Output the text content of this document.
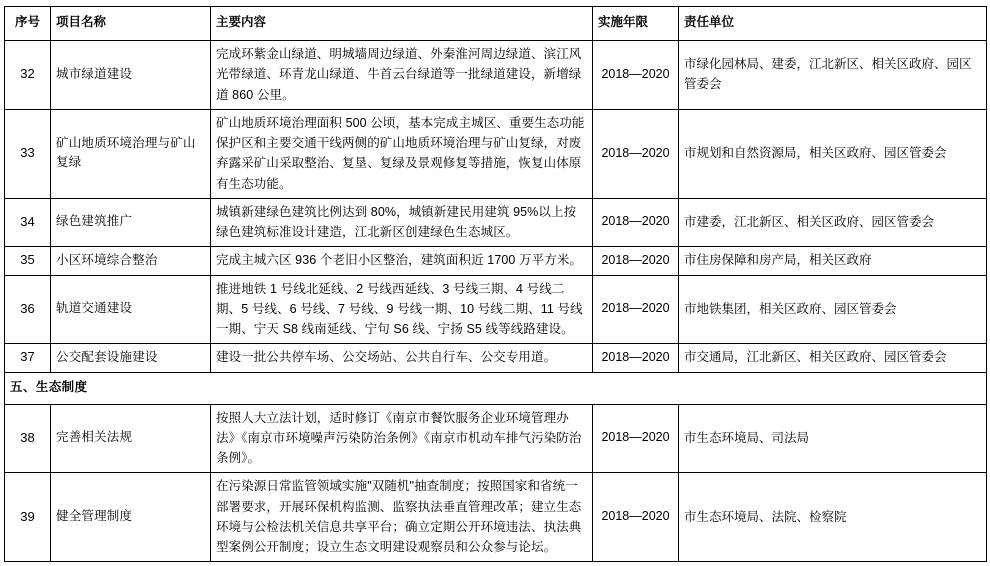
序号	项目名称	主要内容	实施年限	责任单位
32	城市绿道建设	完成环紫金山绿道、明城墙周边绿道、外秦淮河周边绿道、滨江风光带绿道、环青龙山绿道、牛首云台绿道等一批绿道建设，新增绿道 860 公里。	2018—2020	市绿化园林局、建委，江北新区、相关区政府、园区管委会
33	矿山地质环境治理与矿山复绿	矿山地质环境治理面积 500 公顷，基本完成主城区、重要生态功能保护区和主要交通干线两侧的矿山地质环境治理与矿山复绿，对废弃露采矿山采取整治、复垦、复绿及景观修复等措施，恢复山体原有生态功能。	2018—2020	市规划和自然资源局，相关区政府、园区管委会
34	绿色建筑推广	城镇新建绿色建筑比例达到 80%，城镇新建民用建筑 95%以上按绿色建筑标准设计建造，江北新区创建绿色生态城区。	2018—2020	市建委，江北新区、相关区政府、园区管委会
35	小区环境综合整治	完成主城六区 936 个老旧小区整治，建筑面积近 1700 万平方米。	2018—2020	市住房保障和房产局，相关区政府
36	轨道交通建设	推进地铁 1 号线北延线、2 号线西延线、3 号线三期、4 号线二期、5 号线、6 号线、7 号线、9 号线一期、10 号线二期、11 号线一期、宁天 S8 线南延线、宁句 S6 线、宁扬 S5 线等线路建设。	2018—2020	市地铁集团，相关区政府、园区管委会
37	公交配套设施建设	建设一批公共停车场、公交场站、公共自行车、公交专用道。	2018—2020	市交通局，江北新区、相关区政府、园区管委会
五、生态制度				
38	完善相关法规	按照人大立法计划，适时修订《南京市餐饮服务企业环境管理办法》《南京市环境噪声污染防治条例》《南京市机动车排气污染防治条例》。	2018—2020	市生态环境局、司法局
39	健全管理制度	在污染源日常监管领域实施"双随机"抽查制度；按照国家和省统一部署要求，开展环保机构监测、监察执法垂直管理改革；建立生态环境与公检法机关信息共享平台；确立定期公开环境违法、执法典型案例公开制度；设立生态文明建设观察员和公众参与论坛。	2018—2020	市生态环境局、法院、检察院
